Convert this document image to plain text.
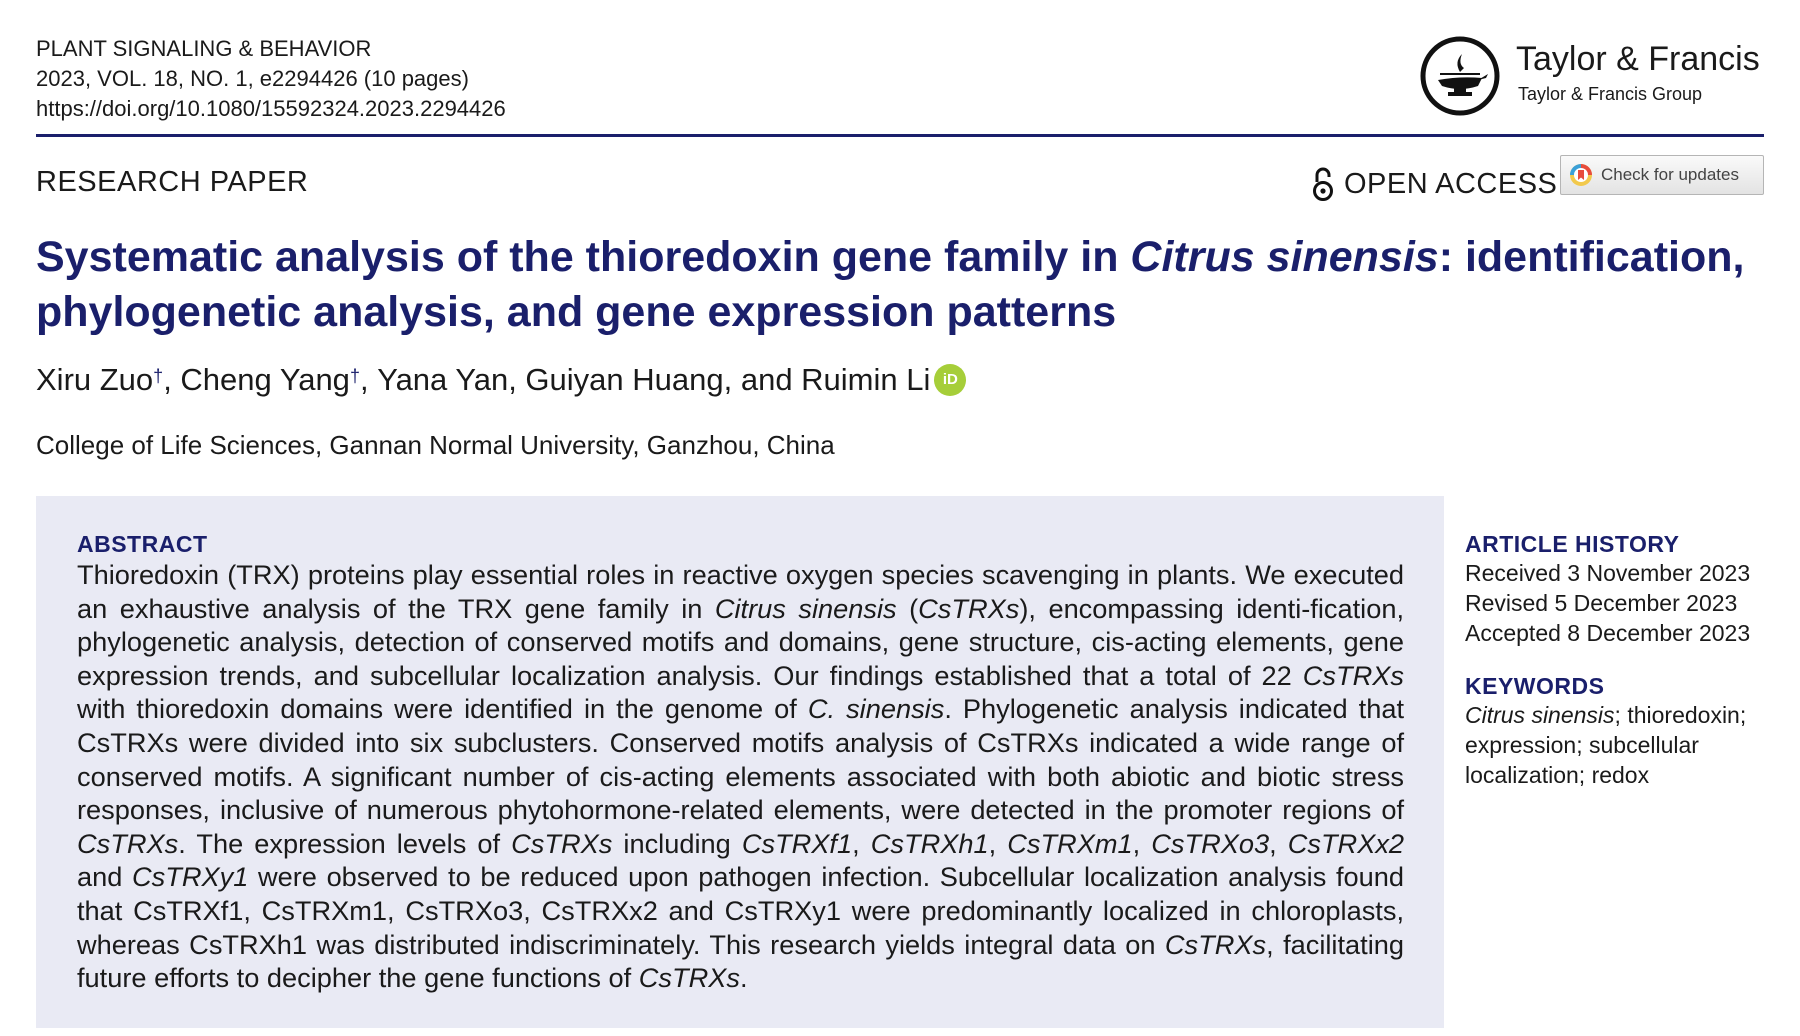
PLANT SIGNALING & BEHAVIOR
2023, VOL. 18, NO. 1, e2294426 (10 pages)
https://doi.org/10.1080/15592324.2023.2294426
Taylor & Francis
Taylor & Francis Group
RESEARCH PAPER	OPEN ACCESS	Check for updates
Systematic analysis of the thioredoxin gene family in Citrus sinensis: identification,
phylogenetic analysis, and gene expression patterns
Xiru Zuo† , Cheng Yang† , Yana Yan, Guiyan Huang, and Ruimin Li iD
College of Life Sciences, Gannan Normal University, Ganzhou, China
ABSTRACT
Thioredoxin (TRX) proteins play essential roles in reactive oxygen species scavenging in plants. We executed an exhaustive analysis of the TRX gene family in Citrus sinensis (CsTRXs), encompassing identi-fication, phylogenetic analysis, detection of conserved motifs and domains, gene structure, cis-acting elements, gene expression trends, and subcellular localization analysis. Our findings established that a total of 22 CsTRXs with thioredoxin domains were identified in the genome of C. sinensis. Phylogenetic analysis indicated that CsTRXs were divided into six subclusters. Conserved motifs analysis of CsTRXs indicated a wide range of conserved motifs. A significant number of cis-acting elements associated with both abiotic and biotic stress responses, inclusive of numerous phytohormone-related elements, were detected in the promoter regions of CsTRXs. The expression levels of CsTRXs including CsTRXf1, CsTRXh1, CsTRXm1, CsTRXo3, CsTRXx2 and CsTRXy1 were observed to be reduced upon pathogen infection. Subcellular localization analysis found that CsTRXf1, CsTRXm1, CsTRXo3, CsTRXx2 and CsTRXy1 were predominantly localized in chloroplasts, whereas CsTRXh1 was distributed indiscriminately. This research yields integral data on CsTRXs, facilitating future efforts to decipher the gene functions of CsTRXs.
ARTICLE HISTORY
Received 3 November 2023
Revised 5 December 2023
Accepted 8 December 2023
KEYWORDS
Citrus sinensis; thioredoxin; expression; subcellular localization; redox
